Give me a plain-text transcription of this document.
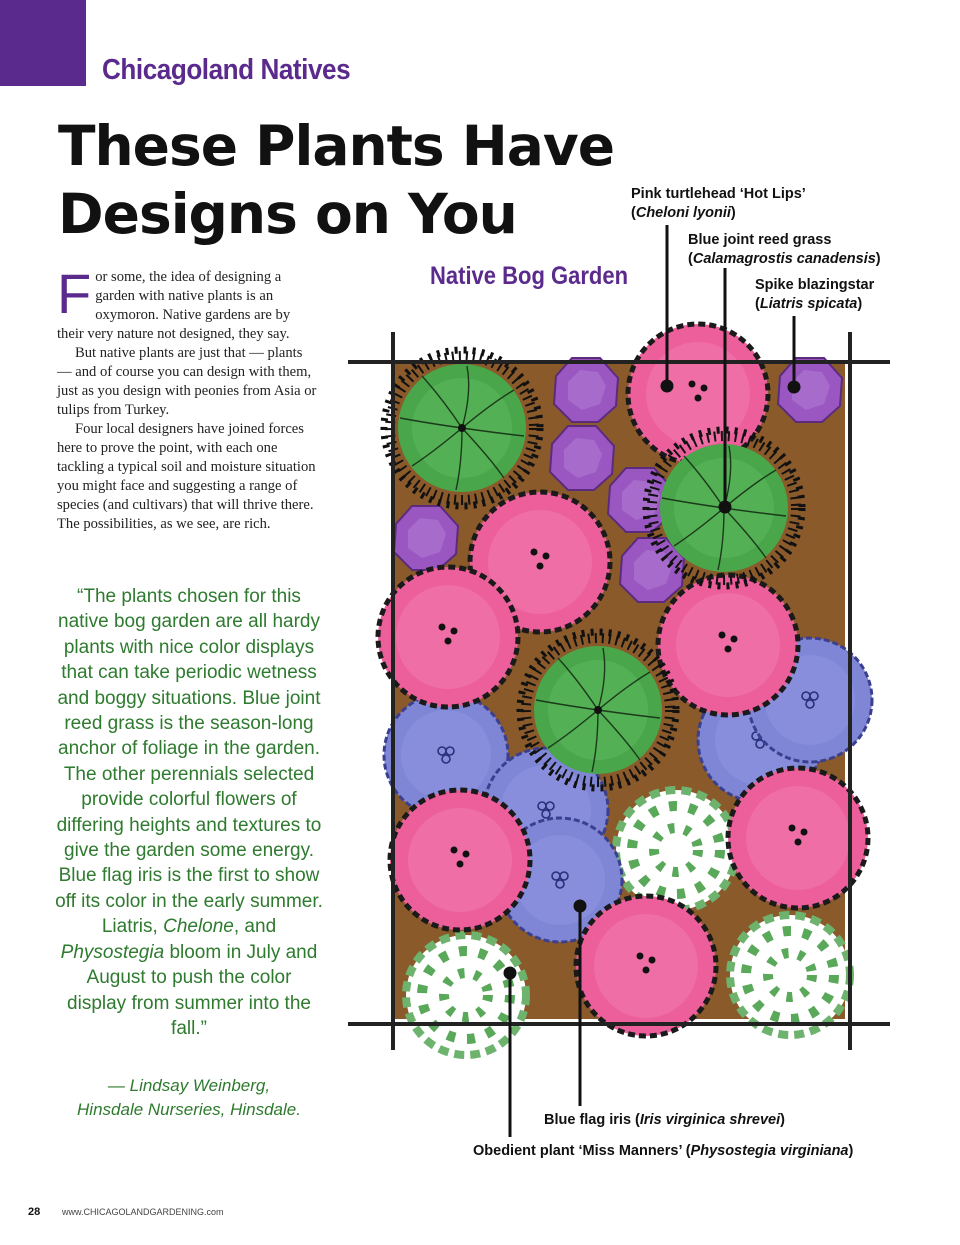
Chicagoland Natives
These Plants Have
Designs on You

For some, the idea of designing a garden with native plants is an oxymoron. Native gardens are by their very nature not designed, they say.

But native plants are just that — plants — and of course you can design with them, just as you design with peonies from Asia or tulips from Turkey.

Four local designers have joined forces here to prove the point, with each one tackling a typical soil and moisture situation you might face and suggesting a range of species (and cultivars) that will thrive there. The possibilities, as we see, are rich.

“The plants chosen for this native bog garden are all hardy plants with nice color displays that can take periodic wetness and boggy situations. Blue joint reed grass is the season-long anchor of foliage in the garden. The other perennials selected provide colorful flowers of differing heights and textures to give the garden some energy. Blue flag iris is the first to show off its color in the early summer. Liatris, Chelone, and Physostegia bloom in July and August to push the color display from summer into the fall.”

— Lindsay Weinberg,
Hinsdale Nurseries, Hinsdale.
Native Bog Garden
Pink turtlehead ‘Hot Lips’
(Cheloni lyonii)
Blue joint reed grass
(Calamagrostis canadensis)
Spike blazingstar
(Liatris spicata)
Blue flag iris (Iris virginica shrevei)
Obedient plant ‘Miss Manners’ (Physostegia virginiana)
28 www.CHICAGOLANDGARDENING.com
